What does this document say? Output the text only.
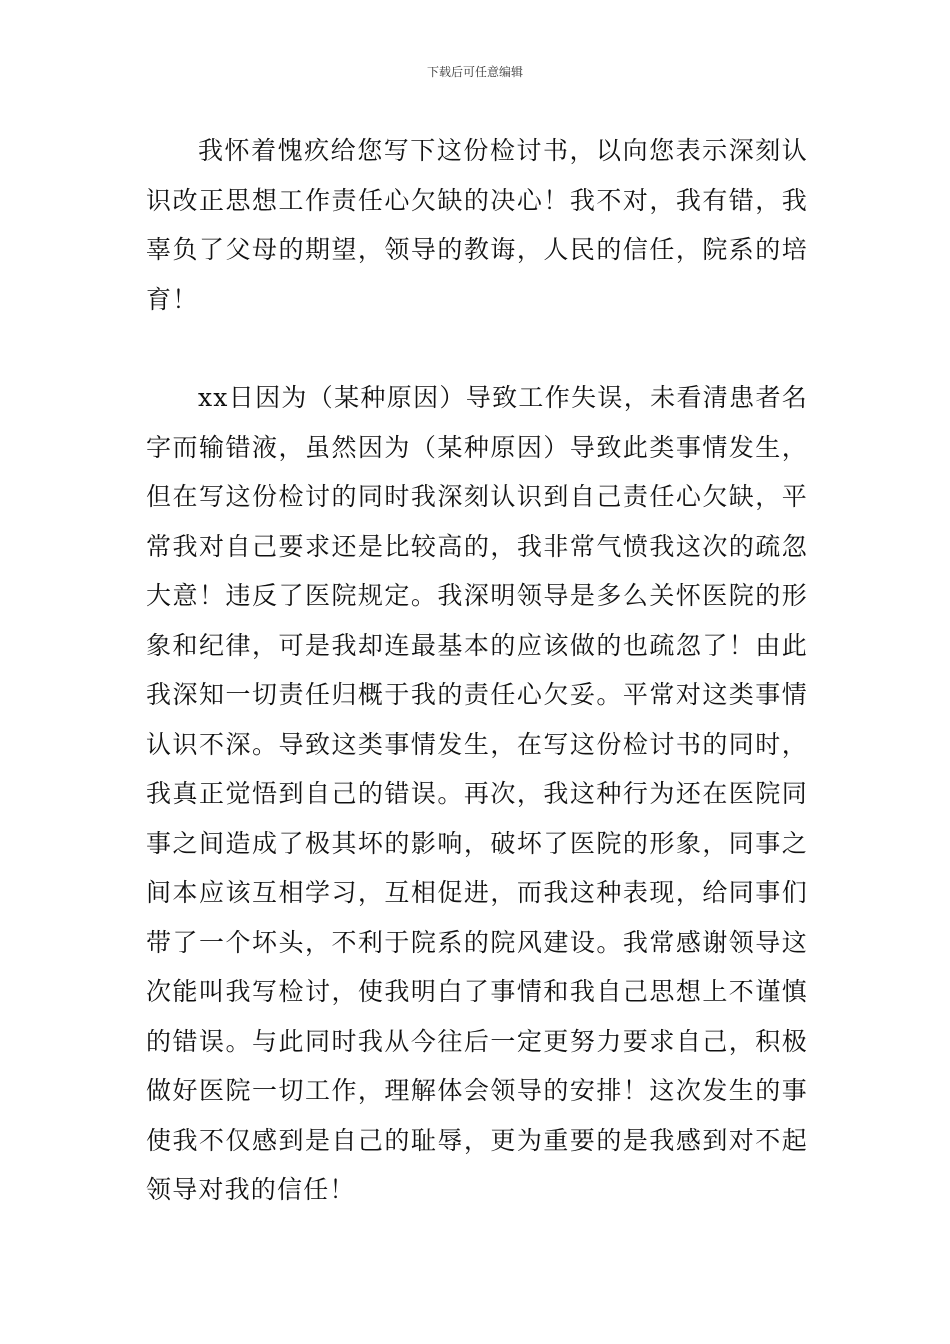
下载后可任意编辑

我怀着愧疚给您写下这份检讨书，以向您表示深刻认识改正思想工作责任心欠缺的决心！我不对，我有错，我辜负了父母的期望，领导的教诲，人民的信任，院系的培育！

xx日因为（某种原因）导致工作失误，未看清患者名字而输错液，虽然因为（某种原因）导致此类事情发生，但在写这份检讨的同时我深刻认识到自己责任心欠缺，平常我对自己要求还是比较高的，我非常气愤我这次的疏忽大意！违反了医院规定。我深明领导是多么关怀医院的形象和纪律，可是我却连最基本的应该做的也疏忽了！由此我深知一切责任归概于我的责任心欠妥。平常对这类事情认识不深。导致这类事情发生，在写这份检讨书的同时，我真正觉悟到自己的错误。再次，我这种行为还在医院同事之间造成了极其坏的影响，破坏了医院的形象，同事之间本应该互相学习，互相促进，而我这种表现，给同事们带了一个坏头，不利于院系的院风建设。我常感谢领导这次能叫我写检讨，使我明白了事情和我自己思想上不谨慎的错误。与此同时我从今往后一定更努力要求自己，积极做好医院一切工作，理解体会领导的安排！这次发生的事使我不仅感到是自己的耻辱，更为重要的是我感到对不起领导对我的信任！
